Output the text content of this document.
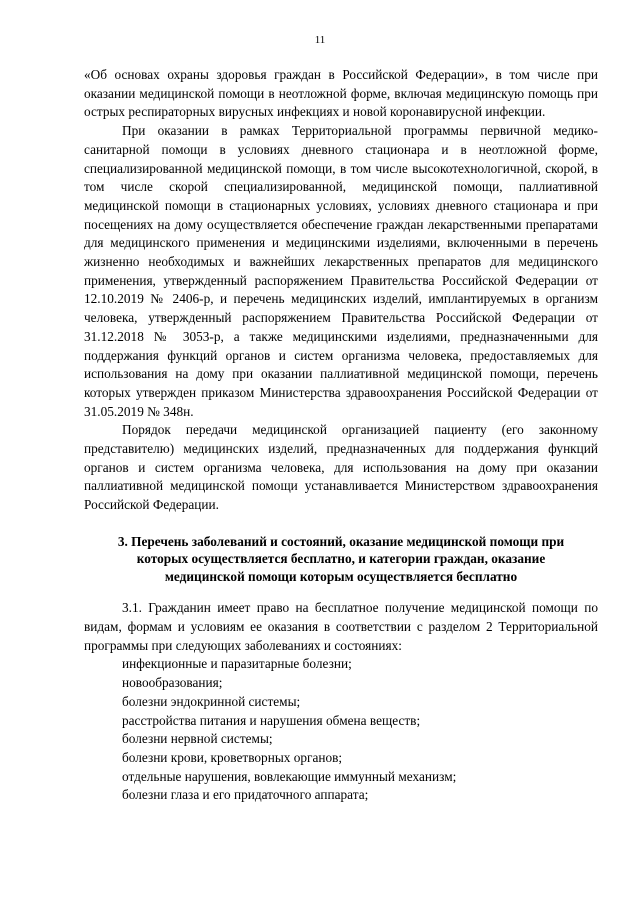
11

«Об основах охраны здоровья граждан в Российской Федерации», в том числе при оказании медицинской помощи в неотложной форме, включая медицинскую помощь при острых респираторных вирусных инфекциях и новой коронавирусной инфекции.

При оказании в рамках Территориальной программы первичной медико-санитарной помощи в условиях дневного стационара и в неотложной форме, специализированной медицинской помощи, в том числе высокотехнологичной, скорой, в том числе скорой специализированной, медицинской помощи, паллиативной медицинской помощи в стационарных условиях, условиях дневного стационара и при посещениях на дому осуществляется обеспечение граждан лекарственными препаратами для медицинского применения и медицинскими изделиями, включенными в перечень жизненно необходимых и важнейших лекарственных препаратов для медицинского применения, утвержденный распоряжением Правительства Российской Федерации от 12.10.2019 № 2406-р, и перечень медицинских изделий, имплантируемых в организм человека, утвержденный распоряжением Правительства Российской Федерации от 31.12.2018 № 3053-р, а также медицинскими изделиями, предназначенными для поддержания функций органов и систем организма человека, предоставляемых для использования на дому при оказании паллиативной медицинской помощи, перечень которых утвержден приказом Министерства здравоохранения Российской Федерации от 31.05.2019 № 348н.

Порядок передачи медицинской организацией пациенту (его законному представителю) медицинских изделий, предназначенных для поддержания функций органов и систем организма человека, для использования на дому при оказании паллиативной медицинской помощи устанавливается Министерством здравоохранения Российской Федерации.

3. Перечень заболеваний и состояний, оказание медицинской помощи при которых осуществляется бесплатно, и категории граждан, оказание медицинской помощи которым осуществляется бесплатно

3.1. Гражданин имеет право на бесплатное получение медицинской помощи по видам, формам и условиям ее оказания в соответствии с разделом 2 Территориальной программы при следующих заболеваниях и состояниях:

инфекционные и паразитарные болезни;
новообразования;
болезни эндокринной системы;
расстройства питания и нарушения обмена веществ;
болезни нервной системы;
болезни крови, кроветворных органов;
отдельные нарушения, вовлекающие иммунный механизм;
болезни глаза и его придаточного аппарата;
